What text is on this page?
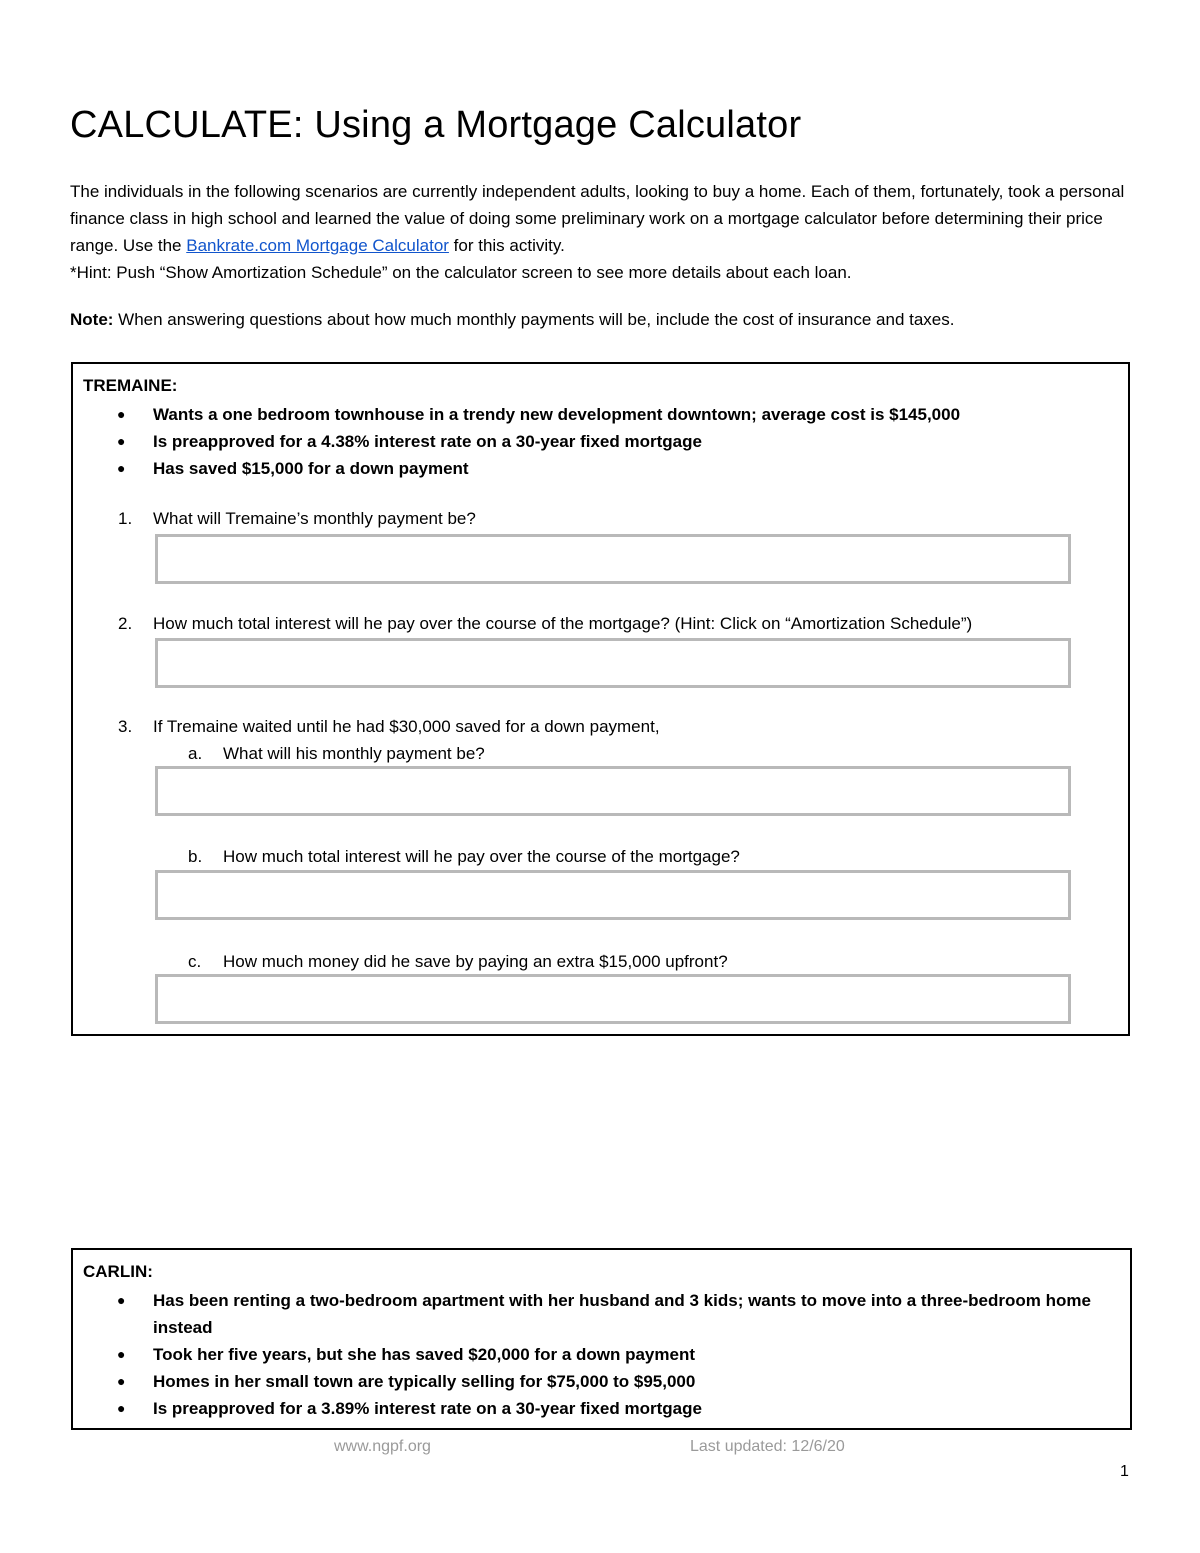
CALCULATE: Using a Mortgage Calculator

The individuals in the following scenarios are currently independent adults, looking to buy a home. Each of them, fortunately, took a personal finance class in high school and learned the value of doing some preliminary work on a mortgage calculator before determining their price range. Use the Bankrate.com Mortgage Calculator for this activity.

*Hint: Push “Show Amortization Schedule” on the calculator screen to see more details about each loan.

Note: When answering questions about how much monthly payments will be, include the cost of insurance and taxes.
TREMAINE:
● Wants a one bedroom townhouse in a trendy new development downtown; average cost is $145,000
● Is preapproved for a 4.38% interest rate on a 30-year fixed mortgage
● Has saved $15,000 for a down payment
1. What will Tremaine’s monthly payment be?
2. How much total interest will he pay over the course of the mortgage? (Hint: Click on “Amortization Schedule”)
3. If Tremaine waited until he had $30,000 saved for a down payment,
a. What will his monthly payment be?
b. How much total interest will he pay over the course of the mortgage?
c. How much money did he save by paying an extra $15,000 upfront?
CARLIN:
● Has been renting a two-bedroom apartment with her husband and 3 kids; wants to move into a three-bedroom home instead
● Took her five years, but she has saved $20,000 for a down payment
● Homes in her small town are typically selling for $75,000 to $95,000
● Is preapproved for a 3.89% interest rate on a 30-year fixed mortgage
www.ngpf.org	Last updated: 12/6/20
1
